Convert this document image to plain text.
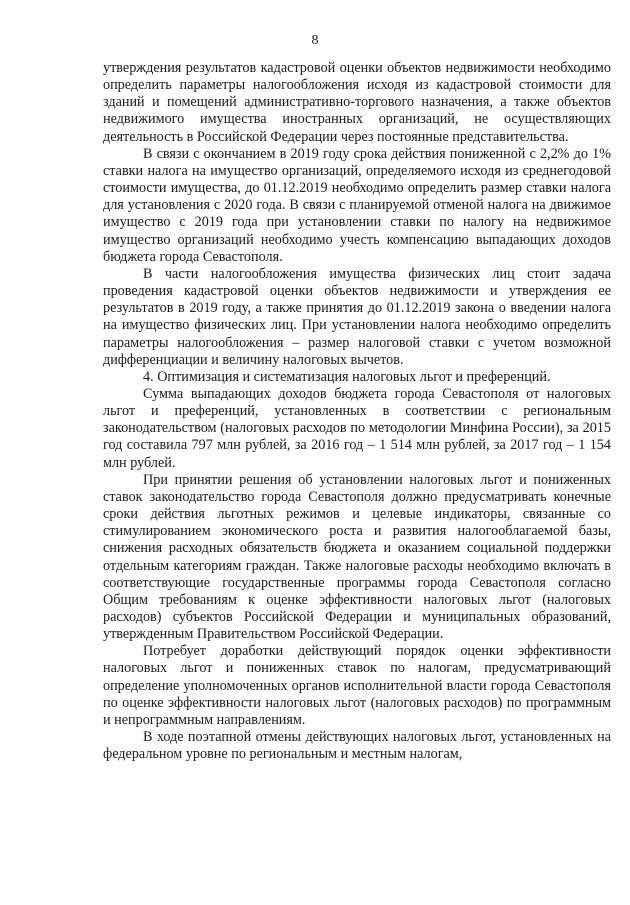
8

утверждения результатов кадастровой оценки объектов недвижимости необходимо определить параметры налогообложения исходя из кадастровой стоимости для зданий и помещений административно-торгового назначения, а также объектов недвижимого имущества иностранных организаций, не осуществляющих деятельность в Российской Федерации через постоянные представительства.

В связи с окончанием в 2019 году срока действия пониженной с 2,2% до 1% ставки налога на имущество организаций, определяемого исходя из среднегодовой стоимости имущества, до 01.12.2019 необходимо определить размер ставки налога для установления с 2020 года. В связи с планируемой отменой налога на движимое имущество с 2019 года при установлении ставки по налогу на недвижимое имущество организаций необходимо учесть компенсацию выпадающих доходов бюджета города Севастополя.

В части налогообложения имущества физических лиц стоит задача проведения кадастровой оценки объектов недвижимости и утверждения ее результатов в 2019 году, а также принятия до 01.12.2019 закона о введении налога на имущество физических лиц. При установлении налога необходимо определить параметры налогообложения – размер налоговой ставки с учетом возможной дифференциации и величину налоговых вычетов.

4. Оптимизация и систематизация налоговых льгот и преференций.

Сумма выпадающих доходов бюджета города Севастополя от налоговых льгот и преференций, установленных в соответствии с региональным законодательством (налоговых расходов по методологии Минфина России), за 2015 год составила 797 млн рублей, за 2016 год – 1 514 млн рублей, за 2017 год – 1 154 млн рублей.

При принятии решения об установлении налоговых льгот и пониженных ставок законодательство города Севастополя должно предусматривать конечные сроки действия льготных режимов и целевые индикаторы, связанные со стимулированием экономического роста и развития налогооблагаемой базы, снижения расходных обязательств бюджета и оказанием социальной поддержки отдельным категориям граждан. Также налоговые расходы необходимо включать в соответствующие государственные программы города Севастополя согласно Общим требованиям к оценке эффективности налоговых льгот (налоговых расходов) субъектов Российской Федерации и муниципальных образований, утвержденным Правительством Российской Федерации.

Потребует доработки действующий порядок оценки эффективности налоговых льгот и пониженных ставок по налогам, предусматривающий определение уполномоченных органов исполнительной власти города Севастополя по оценке эффективности налоговых льгот (налоговых расходов) по программным и непрограммным направлениям.

В ходе поэтапной отмены действующих налоговых льгот, установленных на федеральном уровне по региональным и местным налогам,
